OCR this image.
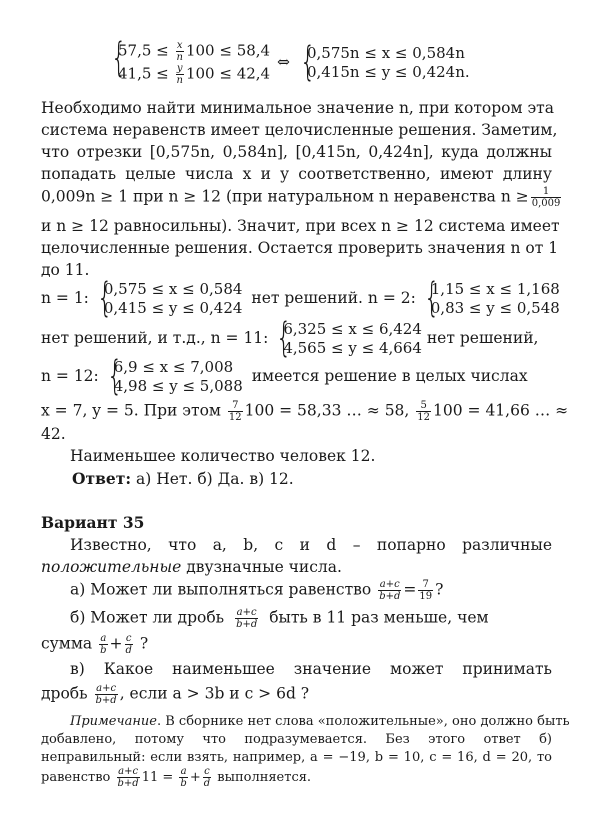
{ $57,5 \le \frac{x}{n} 100 \le 58,4$
$41,5 \le \frac{y}{n} 100 \le 42,4$
⇔ { 0,575n ≤ x ≤ 0,584n
0,415n ≤ y ≤ 0,424n.
Необходимо найти минимальное значение n, при котором эта
система неравенств имеет целочисленные решения. Заметим,
что отрезки [0,575n, 0,584n], [0,415n, 0,424n], куда должны
попадать целые числа x и y соответственно, имеют длину
0,009n ≥ 1 при n ≥ 12 (при натуральном n неравенства $n \ge \frac{1}{0,009}$
и n ≥ 12 равносильны). Значит, при всех n ≥ 12 система имеет
целочисленные решения. Остается проверить значения n от 1
до 11.
n = 1: { 0,575 ≤ x ≤ 0,584
0,415 ≤ y ≤ 0,424
нет решений. n = 2: { 1,15 ≤ x ≤ 1,168
0,83 ≤ y ≤ 0,548
нет решений, и т.д., n = 11: { 6,325 ≤ x ≤ 6,424
4,565 ≤ y ≤ 4,664
нет решений,
n = 12: { 6,9 ≤ x ≤ 7,008
4,98 ≤ y ≤ 5,088
имеется решение в целых числах
x = 7, y = 5. При этом $\frac{7}{12} 100 = 58,33$ … ≈ 58, $\frac{5}{12} 100 = 41,66$ … ≈
42.
Наименьшее количество человек 12.
Ответ: а) Нет. б) Да. в) 12.
Вариант 35
Известно, что a, b, c и d – попарно различные
положительные двузначные числа.
а) Может ли выполняться равенство $\frac{a+c}{b+d} = \frac{7}{19}$ ?
б) Может ли дробь $\frac{a+c}{b+d}$ быть в 11 раз меньше, чем
сумма $\frac{a}{b} + \frac{c}{d}$ ?
в) Какое наименьшее значение может принимать
дробь $\frac{a+c}{b+d}$ , если a > 3b и c > 6d ?
Примечание. В сборнике нет слова «положительные», оно должно быть
добавлено, потому что подразумевается. Без этого ответ б)
неправильный: если взять, например, a = −19, b = 10, c = 16, d = 20, то
равенство $\frac{a+c}{b+d} 11 = \frac{a}{b} + \frac{c}{d}$ выполняется.
